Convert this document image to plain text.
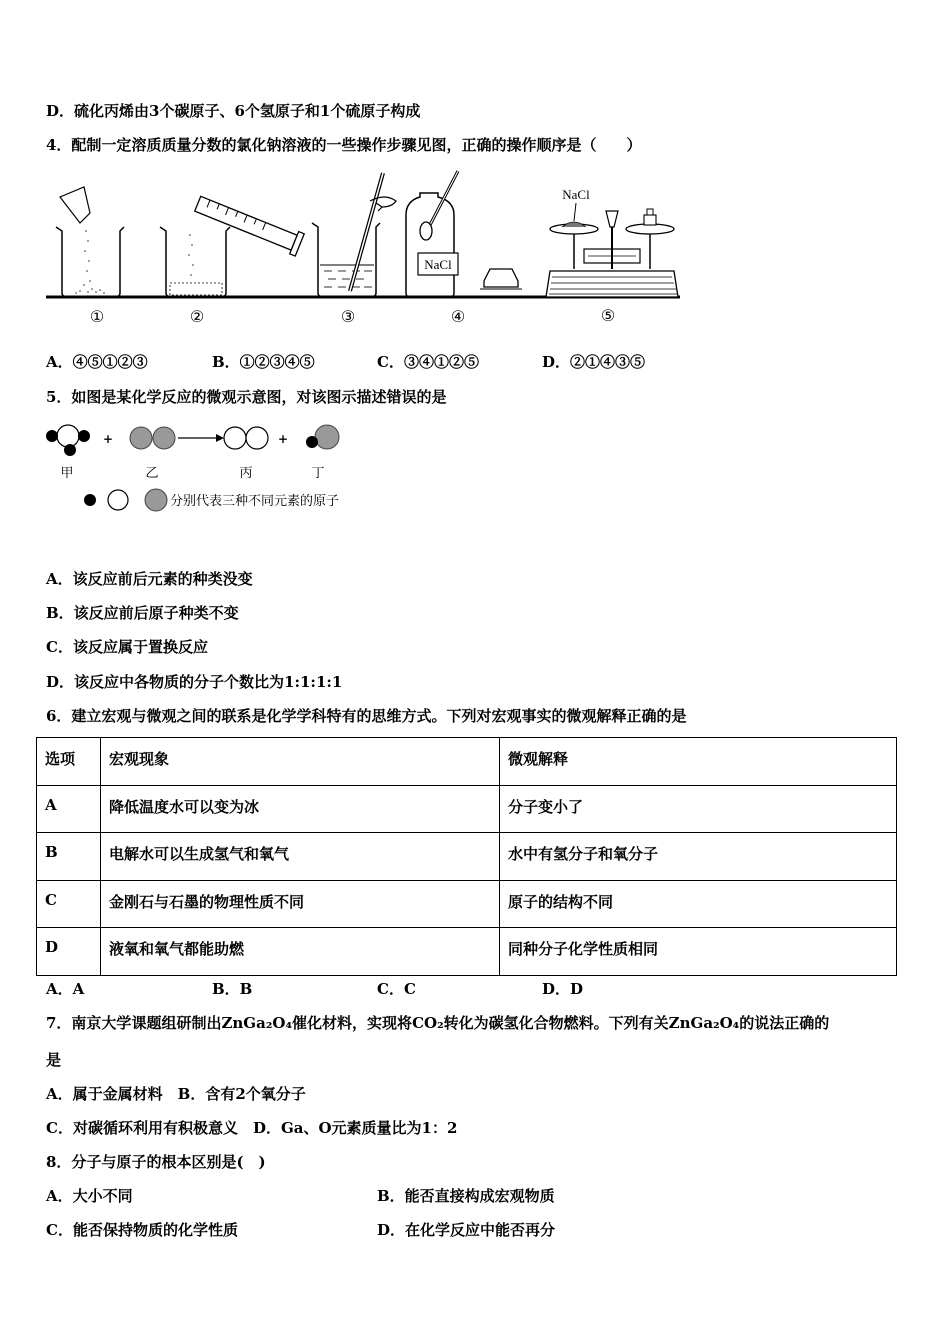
D．硫化丙烯由3个碳原子、6个氢原子和1个硫原子构成
4．配制一定溶质质量分数的氯化钠溶液的一些操作步骤见图，正确的操作顺序是（　　）
NaCl
NaCl
①	②	③	④	⑤
A．④⑤①②③	B．①②③④⑤	C．③④①②⑤	D．②①④③⑤
5．如图是某化学反应的微观示意图，对该图示描述错误的是
+	+
甲	乙	丙	丁
分别代表三种不同元素的原子
A．该反应前后元素的种类没变
B．该反应前后原子种类不变
C．该反应属于置换反应
D．该反应中各物质的分子个数比为1:1:1:1
6．建立宏观与微观之间的联系是化学学科特有的思维方式。下列对宏观事实的微观解释正确的是
选项	宏观现象	微观解释
A	降低温度水可以变为冰	分子变小了
B	电解水可以生成氢气和氧气	水中有氢分子和氧分子
C	金刚石与石墨的物理性质不同	原子的结构不同
D	液氧和氧气都能助燃	同种分子化学性质相同
A．A	B．B	C．C	D．D
7．南京大学课题组研制出ZnGa₂O₄催化材料，实现将CO₂转化为碳氢化合物燃料。下列有关ZnGa₂O₄的说法正确的
是
A．属于金属材料　B．含有2个氧分子
C．对碳循环利用有积极意义　D．Ga、O元素质量比为1：2
8．分子与原子的根本区别是(　)
A．大小不同	B．能否直接构成宏观物质
C．能否保持物质的化学性质	D．在化学反应中能否再分
